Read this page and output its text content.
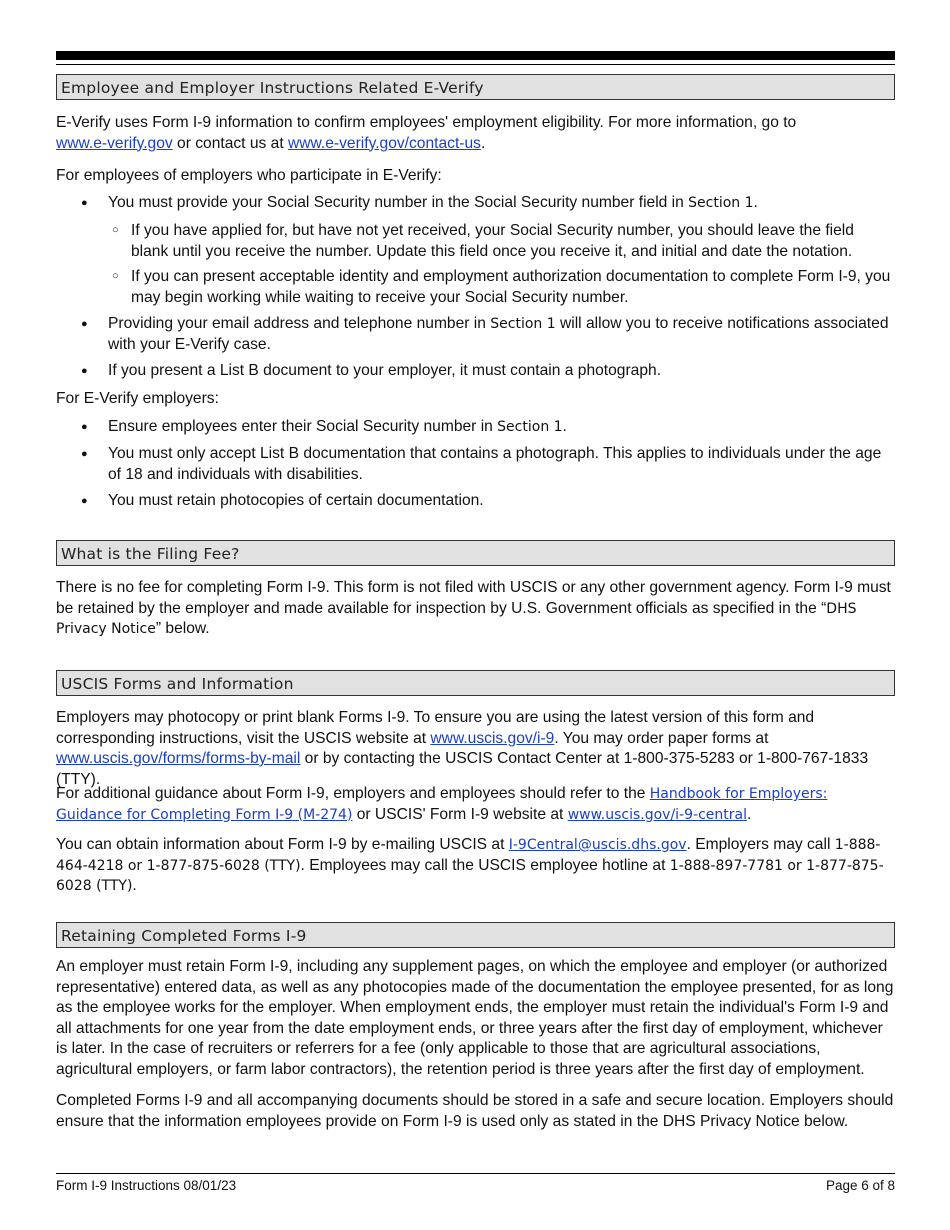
Employee and Employer Instructions Related E-Verify

E-Verify uses Form I-9 information to confirm employees' employment eligibility. For more information, go to
www.e-verify.gov or contact us at www.e-verify.gov/contact-us.

For employees of employers who participate in E-Verify:

● You must provide your Social Security number in the Social Security number field in Section 1.
○ If you have applied for, but have not yet received, your Social Security number, you should leave the field blank until you receive the number. Update this field once you receive it, and initial and date the notation.
○ If you can present acceptable identity and employment authorization documentation to complete Form I-9, you may begin working while waiting to receive your Social Security number.
● Providing your email address and telephone number in Section 1 will allow you to receive notifications associated with your E-Verify case.
● If you present a List B document to your employer, it must contain a photograph.

For E-Verify employers:

● Ensure employees enter their Social Security number in Section 1.
● You must only accept List B documentation that contains a photograph. This applies to individuals under the age of 18 and individuals with disabilities.
● You must retain photocopies of certain documentation.
What is the Filing Fee?

There is no fee for completing Form I-9. This form is not filed with USCIS or any other government agency. Form I-9 must be retained by the employer and made available for inspection by U.S. Government officials as specified in the “DHS Privacy Notice” below.

USCIS Forms and Information

Employers may photocopy or print blank Forms I-9. To ensure you are using the latest version of this form and corresponding instructions, visit the USCIS website at www.uscis.gov/i-9. You may order paper forms at www.uscis.gov/forms/forms-by-mail or by contacting the USCIS Contact Center at 1-800-375-5283 or 1-800-767-1833 (TTY).

For additional guidance about Form I-9, employers and employees should refer to the Handbook for Employers: Guidance for Completing Form I-9 (M-274) or USCIS' Form I-9 website at www.uscis.gov/i-9-central.

You can obtain information about Form I-9 by e-mailing USCIS at I-9Central@uscis.dhs.gov. Employers may call 1-888-464-4218 or 1-877-875-6028 (TTY). Employees may call the USCIS employee hotline at 1-888-897-7781 or 1-877-875-6028 (TTY).

Retaining Completed Forms I-9

An employer must retain Form I-9, including any supplement pages, on which the employee and employer (or authorized representative) entered data, as well as any photocopies made of the documentation the employee presented, for as long as the employee works for the employer. When employment ends, the employer must retain the individual's Form I-9 and all attachments for one year from the date employment ends, or three years after the first day of employment, whichever is later. In the case of recruiters or referrers for a fee (only applicable to those that are agricultural associations, agricultural employers, or farm labor contractors), the retention period is three years after the first day of employment.

Completed Forms I-9 and all accompanying documents should be stored in a safe and secure location. Employers should ensure that the information employees provide on Form I-9 is used only as stated in the DHS Privacy Notice below.

Form I-9 Instructions 08/01/23	Page 6 of 8
